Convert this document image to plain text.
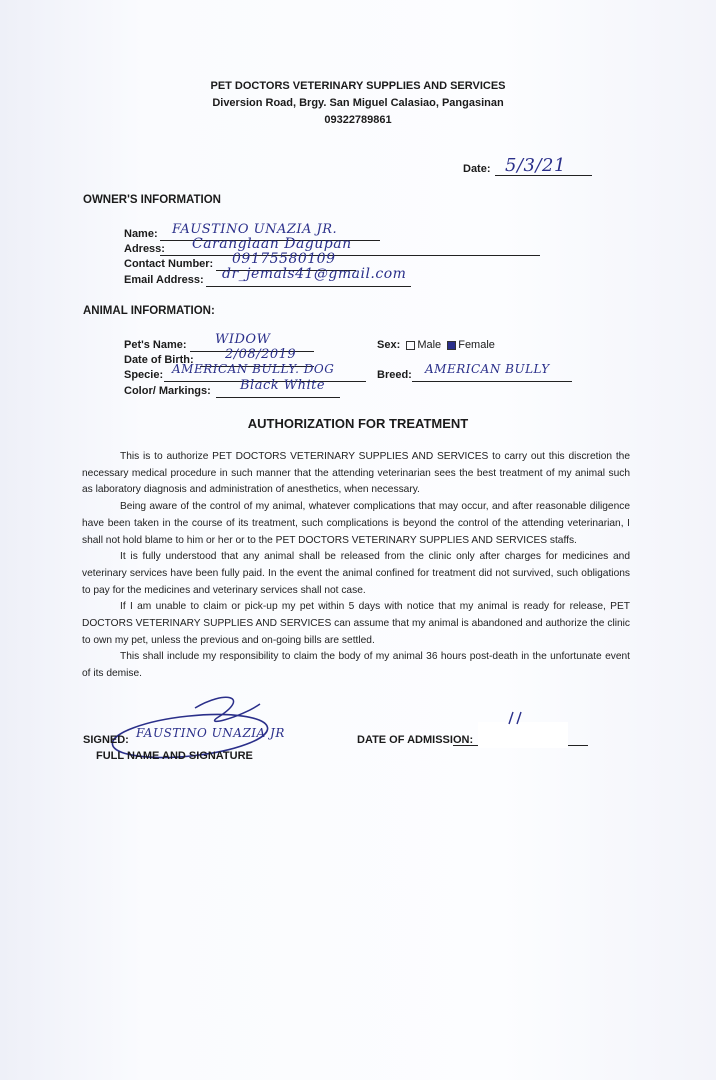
PET DOCTORS VETERINARY SUPPLIES AND SERVICES
Diversion Road, Brgy. San Miguel Calasiao, Pangasinan
09322789861
Date: 5/3/21
OWNER'S INFORMATION
Name: FAUSTINO UNAZIA JR.
Adress: Caranglaan Dagupan
Contact Number: 09175580109
Email Address: dr_jemals41@gmail.com
ANIMAL INFORMATION:
Pet's Name: WIDOW	Sex: Male Female
Date of Birth: 2/08/2019
Specie: AMERICAN BULLY. DOG	Breed: AMERICAN BULLY
Color/ Markings: Black White
AUTHORIZATION FOR TREATMENT

This is to authorize PET DOCTORS VETERINARY SUPPLIES AND SERVICES to carry out this discretion the necessary medical procedure in such manner that the attending veterinarian sees the best treatment of my animal such as laboratory diagnosis and administration of anesthetics, when necessary.

Being aware of the control of my animal, whatever complications that may occur, and after reasonable diligence have been taken in the course of its treatment, such complications is beyond the control of the attending veterinarian, I shall not hold blame to him or her or to the PET DOCTORS VETERINARY SUPPLIES AND SERVICES staffs.

It is fully understood that any animal shall be released from the clinic only after charges for medicines and veterinary services have been fully paid. In the event the animal confined for treatment did not survived, such obligations to pay for the medicines and veterinary services shall not case.

If I am unable to claim or pick-up my pet within 5 days with notice that my animal is ready for release, PET DOCTORS VETERINARY SUPPLIES AND SERVICES can assume that my animal is abandoned and authorize the clinic to own my pet, unless the previous and on-going bills are settled.

This shall include my responsibility to claim the body of my animal 36 hours post-death in the unfortunate event of its demise.

SIGNED: FAUSTINO UNAZIA JR
FULL NAME AND SIGNATURE
DATE OF ADMISSION:
